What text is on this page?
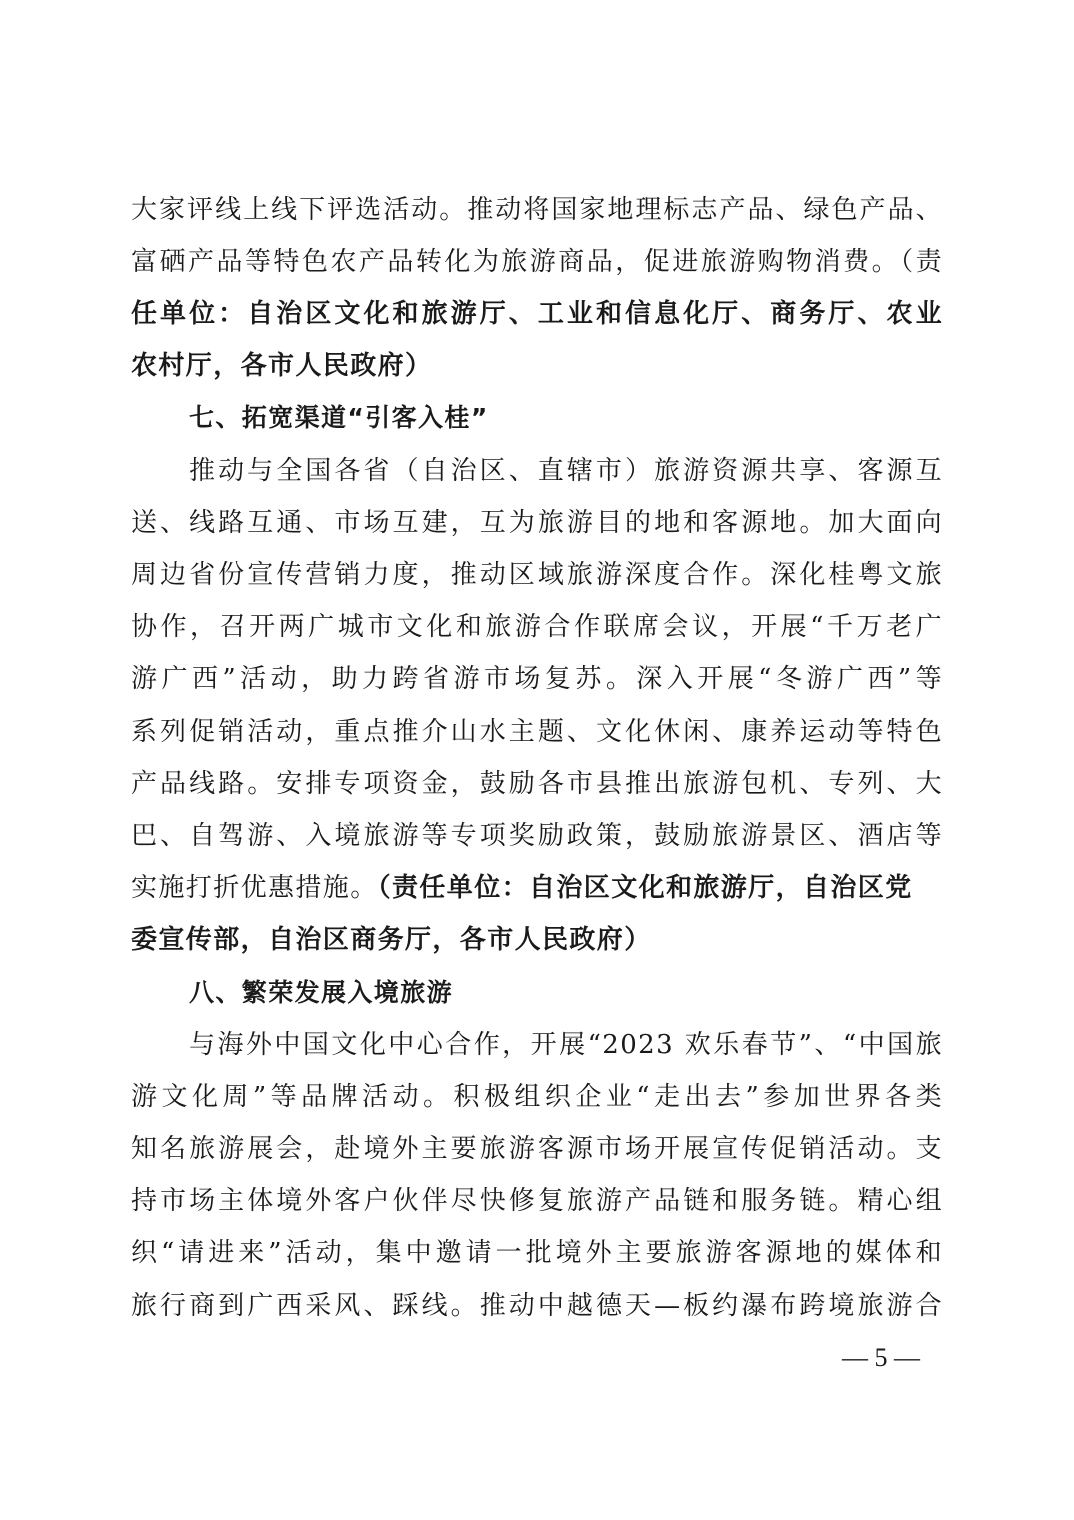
大家评线上线下评选活动。推动将国家地理标志产品、绿色产品、
富硒产品等特色农产品转化为旅游商品，促进旅游购物消费。（责
任单位：自治区文化和旅游厅、工业和信息化厅、商务厅、农业
农村厅，各市人民政府）
七、拓宽渠道“引客入桂”
推动与全国各省（自治区、直辖市）旅游资源共享、客源互
送、线路互通、市场互建，互为旅游目的地和客源地。加大面向
周边省份宣传营销力度，推动区域旅游深度合作。深化桂粤文旅
协作，召开两广城市文化和旅游合作联席会议，开展“千万老广
游广西”活动，助力跨省游市场复苏。深入开展“冬游广西”等
系列促销活动，重点推介山水主题、文化休闲、康养运动等特色
产品线路。安排专项资金，鼓励各市县推出旅游包机、专列、大
巴、自驾游、入境旅游等专项奖励政策，鼓励旅游景区、酒店等
实施打折优惠措施。（责任单位：自治区文化和旅游厅，自治区党
委宣传部，自治区商务厅，各市人民政府）
八、繁荣发展入境旅游
与海外中国文化中心合作，开展“2023 欢乐春节”、“中国旅
游文化周”等品牌活动。积极组织企业“走出去”参加世界各类
知名旅游展会，赴境外主要旅游客源市场开展宣传促销活动。支
持市场主体境外客户伙伴尽快修复旅游产品链和服务链。精心组
织“请进来”活动，集中邀请一批境外主要旅游客源地的媒体和
旅行商到广西采风、踩线。推动中越德天—板约瀑布跨境旅游合
— 5 —
